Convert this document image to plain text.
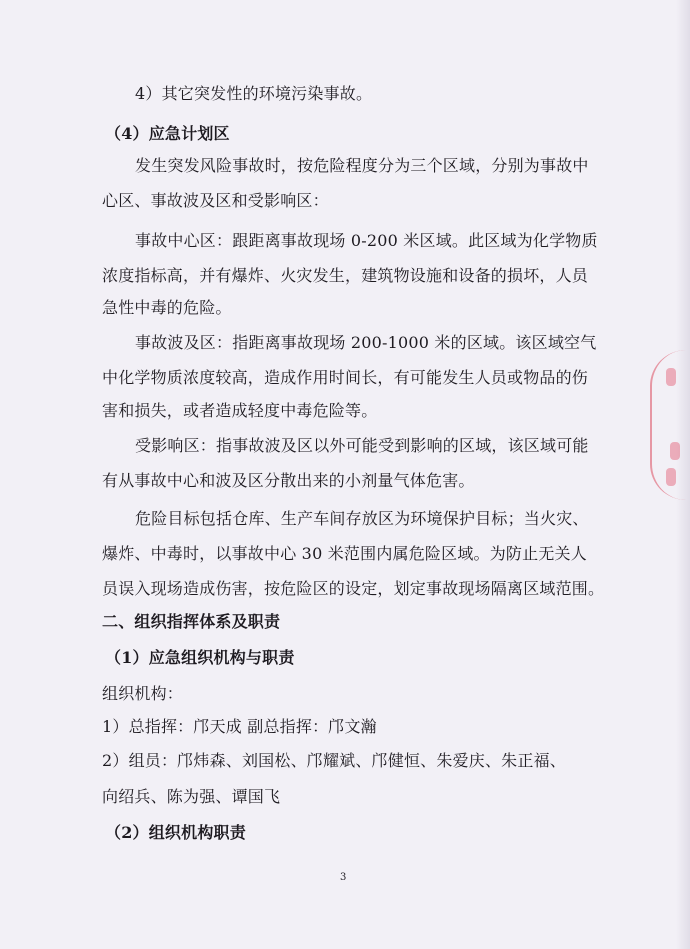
4）其它突发性的环境污染事故。
（4）应急计划区
发生突发风险事故时，按危险程度分为三个区域，分别为事故中
心区、事故波及区和受影响区：
事故中心区：跟距离事故现场 0-200 米区域。此区域为化学物质
浓度指标高，并有爆炸、火灾发生，建筑物设施和设备的损坏，人员
急性中毒的危险。
事故波及区：指距离事故现场 200-1000 米的区域。该区域空气
中化学物质浓度较高，造成作用时间长，有可能发生人员或物品的伤
害和损失，或者造成轻度中毒危险等。
受影响区：指事故波及区以外可能受到影响的区域，该区域可能
有从事故中心和波及区分散出来的小剂量气体危害。
危险目标包括仓库、生产车间存放区为环境保护目标；当火灾、
爆炸、中毒时，以事故中心 30 米范围内属危险区域。为防止无关人
员误入现场造成伤害，按危险区的设定，划定事故现场隔离区域范围。
二、组织指挥体系及职责
（1）应急组织机构与职责
组织机构：
1）总指挥：邝天成 副总指挥：邝文瀚
2）组员：邝炜森、刘国松、邝耀斌、邝健恒、朱爱庆、朱正福、
向绍兵、陈为强、谭国飞
（2）组织机构职责
3
